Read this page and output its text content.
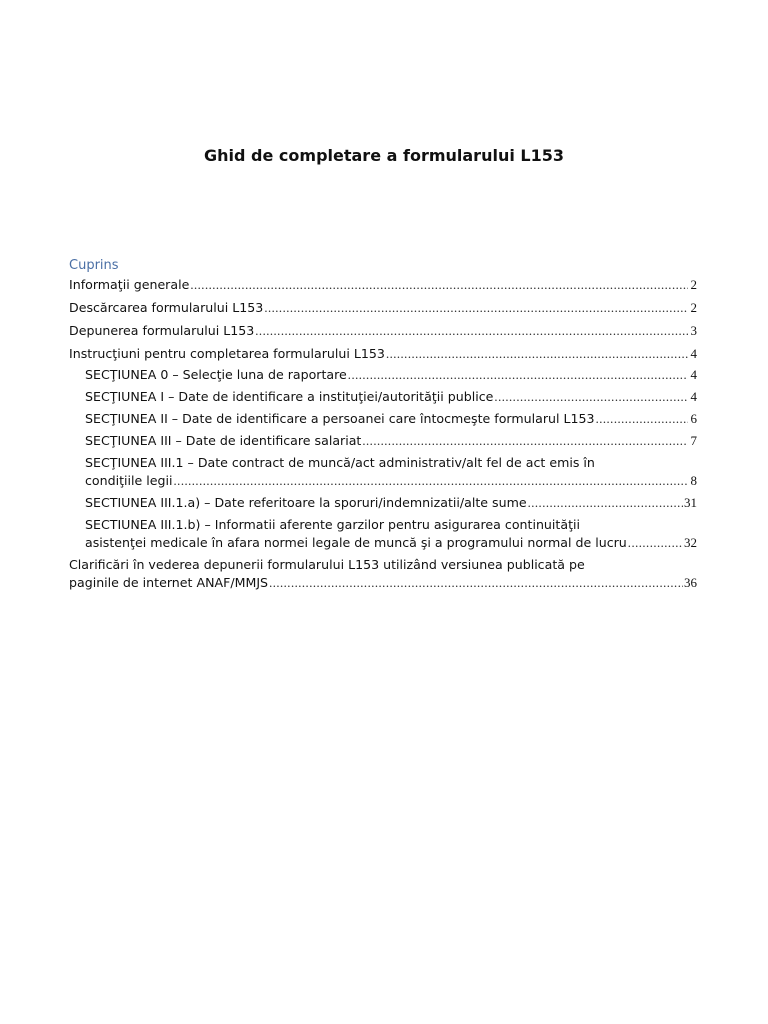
Ghid de completare a formularului L153
Cuprins
Informaţii generale .....	2
Descărcarea formularului L153 .....	2
Depunerea formularului L153 .....	3
Instrucţiuni pentru completarea formularului L153 .....	4
SECŢIUNEA 0 – Selecţie luna de raportare .....	4
SECŢIUNEA I – Date de identificare a instituţiei/autorităţii publice .....	4
SECŢIUNEA II – Date de identificare a persoanei care întocmeşte formularul L153 .....	6
SECŢIUNEA III – Date de identificare salariat .....	7
SECŢIUNEA III.1 – Date contract de muncă/act administrativ/alt fel de act emis în
condiţiile legii .....	8
SECTIUNEA III.1.a) – Date referitoare la sporuri/indemnizatii/alte sume .....	31
SECTIUNEA III.1.b) – Informatii aferente garzilor pentru asigurarea continuităţii
asistenţei medicale în afara normei legale de muncă şi a programului normal de lucru .....	32
Clarificări în vederea depunerii formularului L153 utilizând versiunea publicată pe
paginile de internet ANAF/MMJS .....	36
